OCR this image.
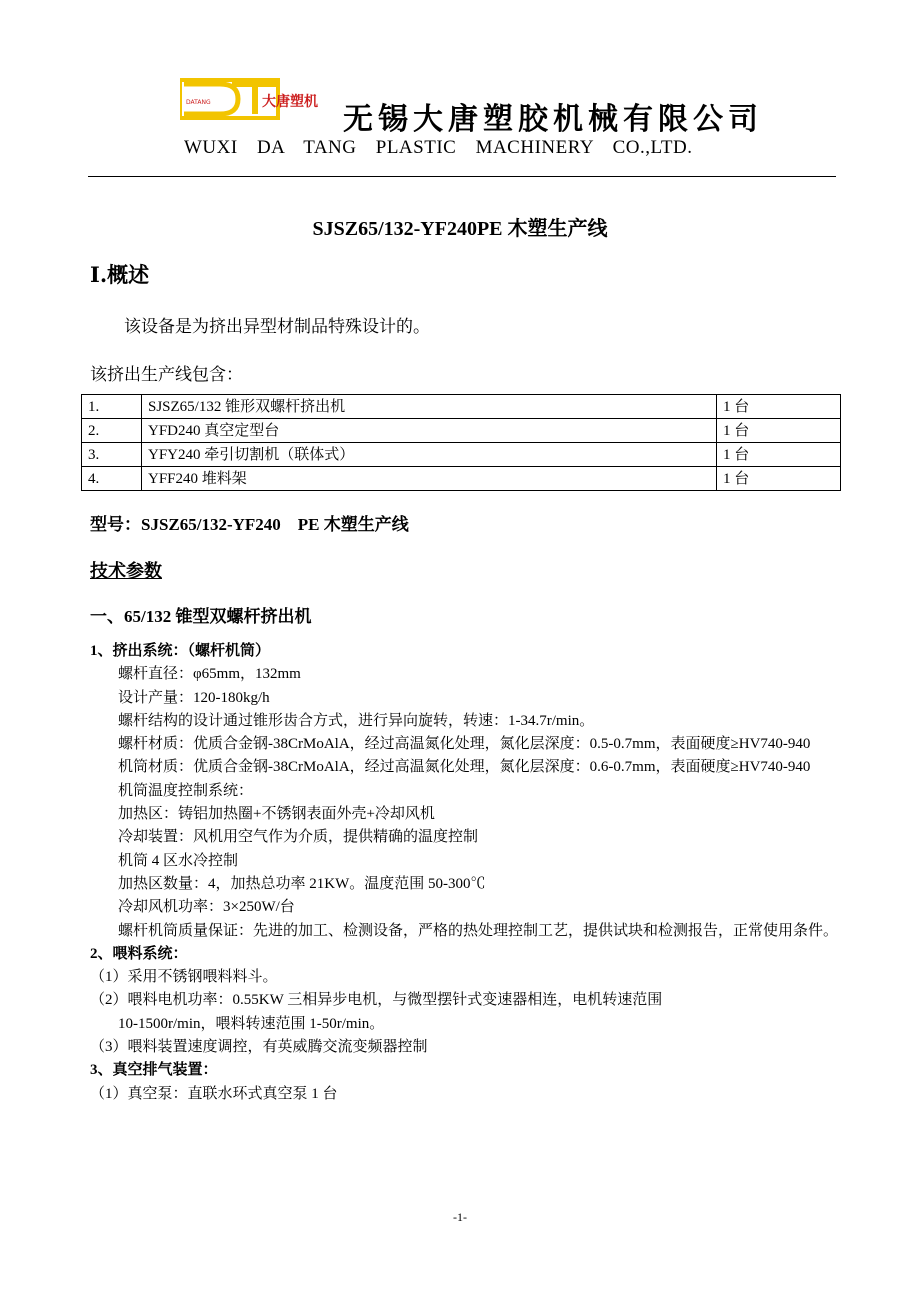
DATANG	大唐塑机 无锡大唐塑胶机械有限公司
WUXI DA TANG PLASTIC MACHINERY CO.,LTD.
SJSZ65/132-YF240PE 木塑生产线
Ⅰ.概述
该设备是为挤出异型材制品特殊设计的。
该挤出生产线包含：
1.	SJSZ65/132 锥形双螺杆挤出机	1 台
2.	YFD240 真空定型台	1 台
3.	YFY240 牵引切割机（联体式）	1 台
4.	YFF240 堆料架	1 台
型号：SJSZ65/132-YF240    PE 木塑生产线
技术参数
一、65/132 锥型双螺杆挤出机
1、挤出系统：（螺杆机筒）
螺杆直径：φ65mm，132mm
设计产量：120-180kg/h
螺杆结构的设计通过锥形齿合方式，进行异向旋转，转速：1-34.7r/min。
螺杆材质：优质合金钢-38CrMoAlA，经过高温氮化处理，氮化层深度：0.5-0.7mm，表面硬度≥HV740-940
机筒材质：优质合金钢-38CrMoAlA，经过高温氮化处理，氮化层深度：0.6-0.7mm，表面硬度≥HV740-940
机筒温度控制系统：
加热区：铸铝加热圈+不锈钢表面外壳+冷却风机
冷却装置：风机用空气作为介质，提供精确的温度控制
机筒 4 区水冷控制
加热区数量：4，加热总功率 21KW。温度范围 50-300℃
冷却风机功率：3×250W/台
螺杆机筒质量保证：先进的加工、检测设备，严格的热处理控制工艺，提供试块和检测报告，正常使用条件。
2、喂料系统：
（1）采用不锈钢喂料料斗。
（2）喂料电机功率：0.55KW 三相异步电机，与微型摆针式变速器相连，电机转速范围
10-1500r/min，喂料转速范围 1-50r/min。
（3）喂料装置速度调控，有英威腾交流变频器控制
3、真空排气装置：
（1）真空泵：直联水环式真空泵 1 台
-1-
